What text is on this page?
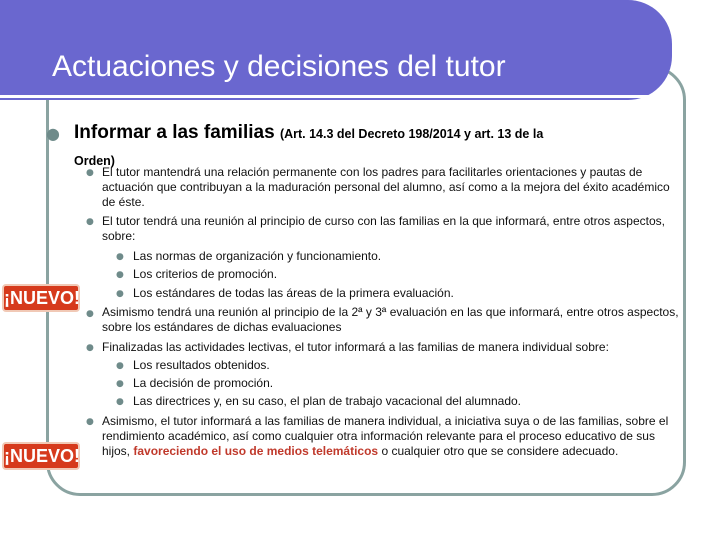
Actuaciones y decisiones del tutor
● Informar a las familias (Art. 14.3 del Decreto 198/2014 y art. 13 de la
Orden)
● El tutor mantendrá una relación permanente con los padres para facilitarles orientaciones y pautas de actuación que contribuyan a la maduración personal del alumno, así como a la mejora del éxito académico de éste.
● El tutor tendrá una reunión al principio de curso con las familias en la que informará, entre otros aspectos, sobre:
● Las normas de organización y funcionamiento.
● Los criterios de promoción.
● Los estándares de todas las áreas de la primera evaluación.
● Asimismo tendrá una reunión al principio de la 2ª y 3ª evaluación en las que informará, entre otros aspectos, sobre los estándares de dichas evaluaciones
● Finalizadas las actividades lectivas, el tutor informará a las familias de manera individual sobre:
● Los resultados obtenidos.
● La decisión de promoción.
● Las directrices y, en su caso, el plan de trabajo vacacional del alumnado.
● Asimismo, el tutor informará a las familias de manera individual, a iniciativa suya o de las familias, sobre el rendimiento académico, así como cualquier otra información relevante para el proceso educativo de sus hijos, favoreciendo el uso de medios telemáticos o cualquier otro que se considere adecuado.
¡NUEVO!
¡NUEVO!
